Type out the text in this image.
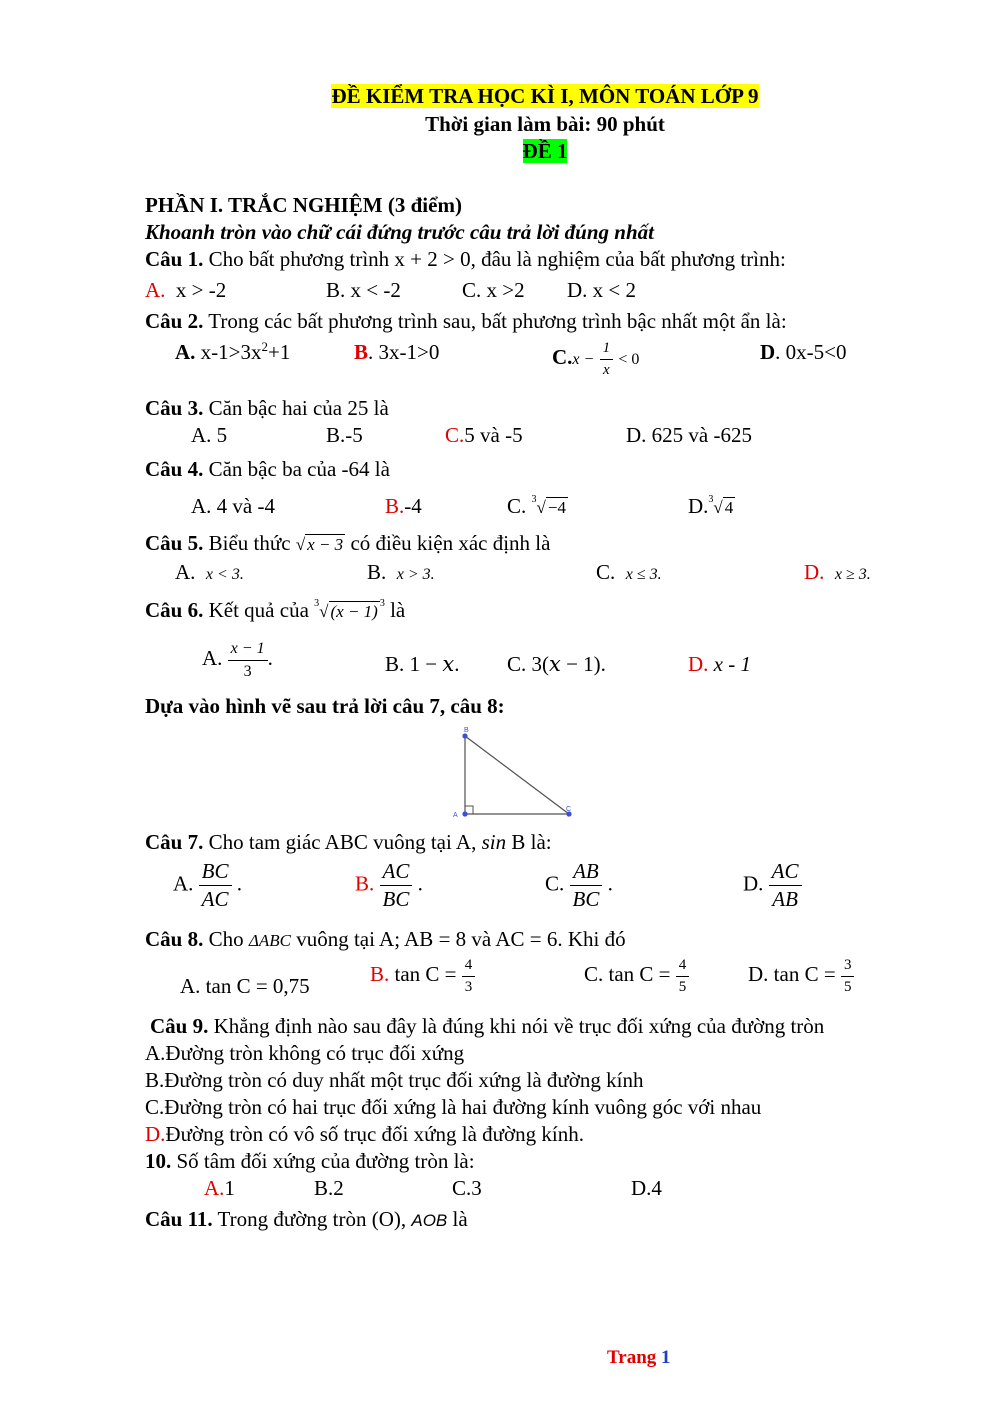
ĐỀ KIỂM TRA HỌC KÌ I, MÔN TOÁN LỚP 9
Thời gian làm bài: 90 phút
ĐỀ 1
PHẦN I. TRẮC NGHIỆM (3 điểm)
Khoanh tròn vào chữ cái đứng trước câu trả lời đúng nhất
Câu 1. Cho bất phương trình x + 2 > 0, đâu là nghiệm của bất phương trình:
A. x > -2	B. x < -2	C. x >2 D. x < 2
Câu 2. Trong các bất phương trình sau, bất phương trình bậc nhất một ẩn là:
A. $x-1>3x^2+1$	B. 3x-1>0	$C.x - \frac{1}{x} < 0$	D. 0x-5<0
Câu 3. Căn bậc hai của 25 là
A. 5	B.-5	C.5 và -5	D. 625 và -625
Câu 4. Căn bậc ba của -64 là
A. 4 và -4	B.-4	C. $^3$√ −4	D.$^3$√ 4
Câu 5. Biểu thức √ x − 3 có điều kiện xác định là
A. x < 3.	B. x > 3.	C. x ≤ 3.	D. x ≥ 3.
Câu 6. Kết quả của $^3$√ (x − 1) $^3$ là
A. $\frac{x - 1}{3}$ .	B. 1 − 𝑥. C. 3(𝑥 − 1).	D. x - 1
Dựa vào hình vẽ sau trả lời câu 7, câu 8:
B
A
C
Câu 7. Cho tam giác ABC vuông tại A, sin B là:
A. $\frac{BC}{AC}$ .	B. $\frac{AC}{BC}$ .	C. $\frac{AB}{BC}$ .	D. $\frac{AC}{AB}$
Câu 8. Cho ΔABC vuông tại A; AB = 8 và AC = 6. Khi đó
A. tan C = 0,75
B. $\tan C = \frac{4}{3}$	C. $\tan C = \frac{4}{5}$	D. $\tan C = \frac{3}{5}$
Câu 9. Khẳng định nào sau đây là đúng khi nói về trục đối xứng của đường tròn
A.Đường tròn không có trục đối xứng
B.Đường tròn có duy nhất một trục đối xứng là đường kính
C.Đường tròn có hai trục đối xứng là hai đường kính vuông góc với nhau
D.Đường tròn có vô số trục đối xứng là đường kính.
10. Số tâm đối xứng của đường tròn là:
A.1	B.2	C.3	D.4
Câu 11. Trong đường tròn (O), AOB là
Trang 1
